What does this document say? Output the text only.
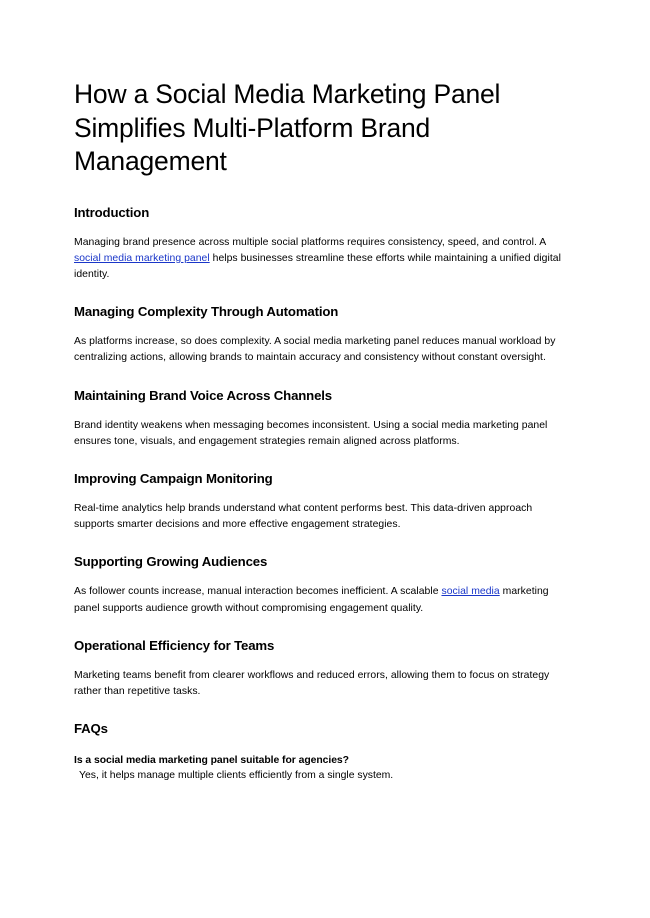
How a Social Media Marketing Panel Simplifies Multi-Platform Brand Management
Introduction

Managing brand presence across multiple social platforms requires consistency, speed, and control. A social media marketing panel helps businesses streamline these efforts while maintaining a unified digital identity.

Managing Complexity Through Automation

As platforms increase, so does complexity. A social media marketing panel reduces manual workload by centralizing actions, allowing brands to maintain accuracy and consistency without constant oversight.

Maintaining Brand Voice Across Channels

Brand identity weakens when messaging becomes inconsistent. Using a social media marketing panel ensures tone, visuals, and engagement strategies remain aligned across platforms.

Improving Campaign Monitoring

Real-time analytics help brands understand what content performs best. This data-driven approach supports smarter decisions and more effective engagement strategies.

Supporting Growing Audiences

As follower counts increase, manual interaction becomes inefficient. A scalable social media marketing panel supports audience growth without compromising engagement quality.

Operational Efficiency for Teams

Marketing teams benefit from clearer workflows and reduced errors, allowing them to focus on strategy rather than repetitive tasks.

FAQs

Is a social media marketing panel suitable for agencies?

Yes, it helps manage multiple clients efficiently from a single system.
